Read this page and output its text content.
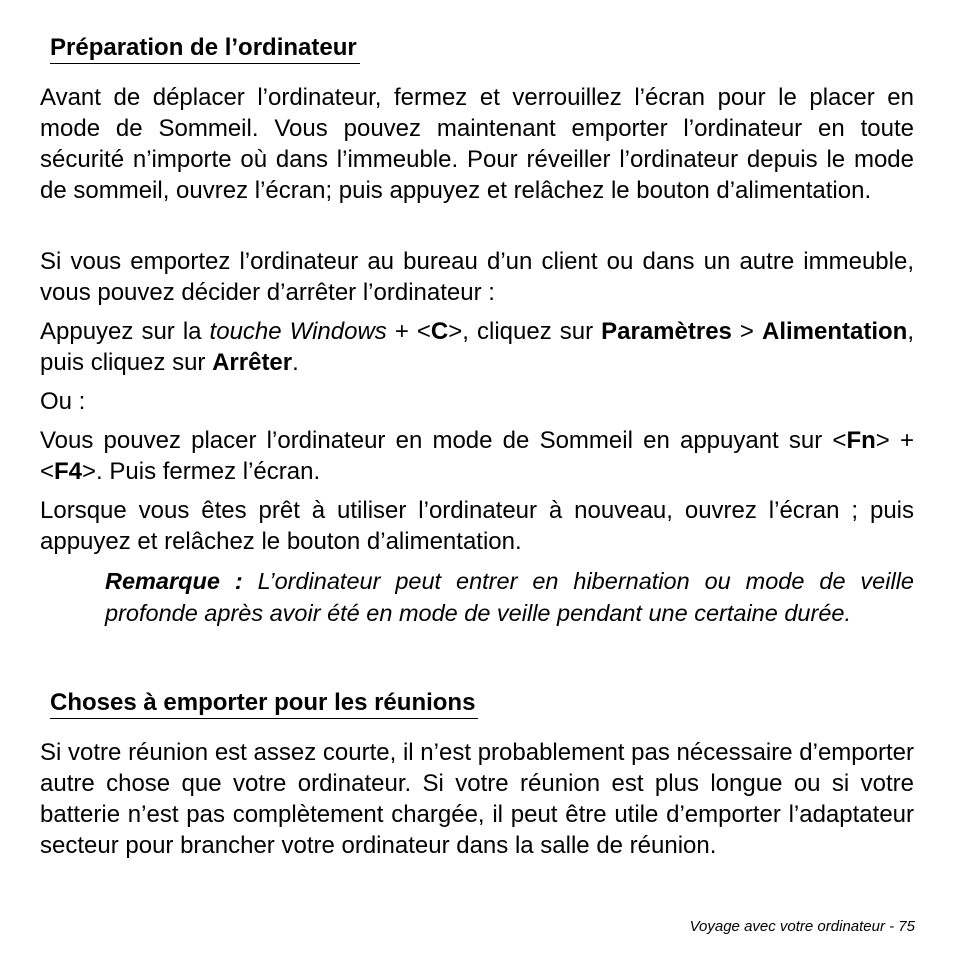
Préparation de l’ordinateur

Avant de déplacer l’ordinateur, fermez et verrouillez l’écran pour le placer en mode de Sommeil. Vous pouvez maintenant emporter l’ordinateur en toute sécurité n’importe où dans l’immeuble. Pour réveiller l’ordinateur depuis le mode de sommeil, ouvrez l’écran; puis appuyez et relâchez le bouton d’alimentation.

Si vous emportez l’ordinateur au bureau d’un client ou dans un autre immeuble, vous pouvez décider d’arrêter l’ordinateur :

Appuyez sur la touche Windows + <C>, cliquez sur Paramètres > Alimentation, puis cliquez sur Arrêter.

Ou :

Vous pouvez placer l’ordinateur en mode de Sommeil en appuyant sur <Fn> + <F4>. Puis fermez l’écran.

Lorsque vous êtes prêt à utiliser l’ordinateur à nouveau, ouvrez l’écran ; puis appuyez et relâchez le bouton d’alimentation.

Remarque : L’ordinateur peut entrer en hibernation ou mode de veille profonde après avoir été en mode de veille pendant une certaine durée.

Choses à emporter pour les réunions

Si votre réunion est assez courte, il n’est probablement pas nécessaire d’emporter autre chose que votre ordinateur. Si votre réunion est plus longue ou si votre batterie n’est pas complètement chargée, il peut être utile d’emporter l’adaptateur secteur pour brancher votre ordinateur dans la salle de réunion.

Voyage avec votre ordinateur - 75
